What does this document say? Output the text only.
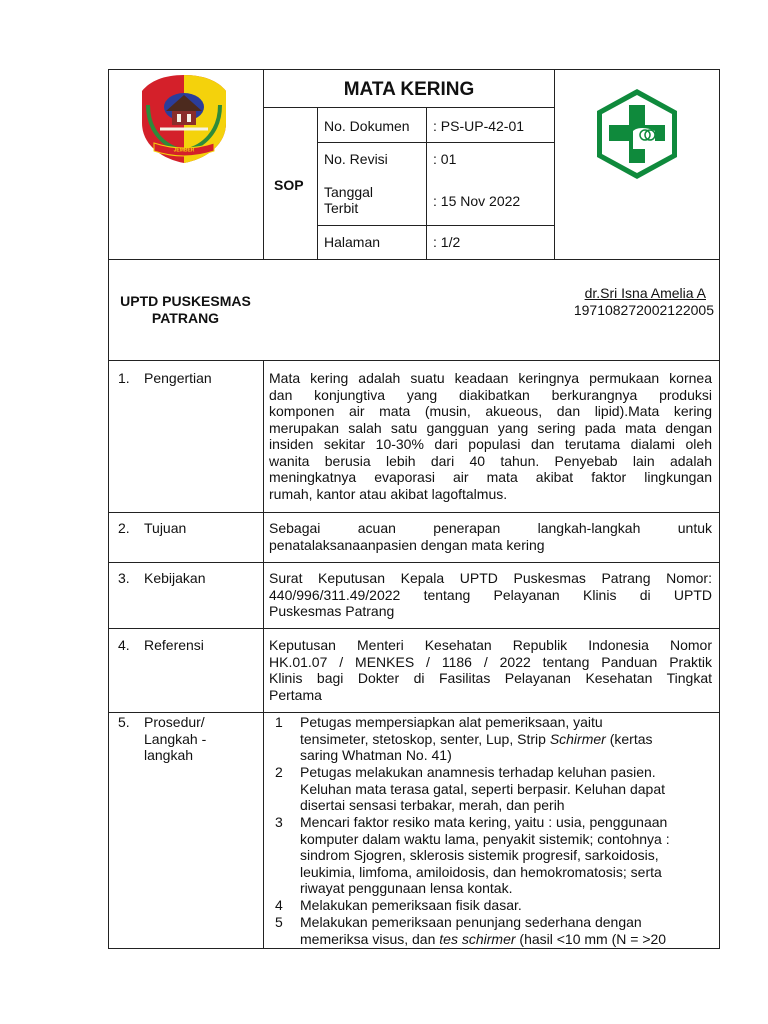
JEMBER
MATA KERING
SOP
No. Dokumen : PS-UP-42-01
No. Revisi	: 01
Tanggal
Terbit	: 15 Nov 2022
Halaman	: 1/2
UPTD PUSKESMAS
PATRANG
dr.Sri Isna Amelia A
197108272002122005
1. Pengertian	Mata kering adalah suatu keadaan keringnya permukaan kornea
dan konjungtiva yang diakibatkan berkurangnya produksi
komponen air mata (musin, akueous, dan lipid).Mata kering
merupakan salah satu gangguan yang sering pada mata dengan
insiden sekitar 10-30% dari populasi dan terutama dialami oleh
wanita berusia lebih dari 40 tahun. Penyebab lain adalah
meningkatnya evaporasi air mata akibat faktor lingkungan
rumah, kantor atau akibat lagoftalmus.
2. Tujuan	Sebagai acuan penerapan langkah-langkah untuk
penatalaksanaanpasien dengan mata kering
3. Kebijakan	Surat Keputusan Kepala UPTD Puskesmas Patrang Nomor:
440/996/311.49/2022 tentang Pelayanan Klinis di UPTD
Puskesmas Patrang
4. Referensi	Keputusan Menteri Kesehatan Republik Indonesia Nomor
HK.01.07 / MENKES / 1186 / 2022 tentang Panduan Praktik
Klinis bagi Dokter di Fasilitas Pelayanan Kesehatan Tingkat
Pertama
5. Prosedur/
Langkah -
langkah
1	Petugas mempersiapkan alat pemeriksaan, yaitu
tensimeter, stetoskop, senter, Lup, Strip Schirmer (kertas
saring Whatman No. 41)
2	Petugas melakukan anamnesis terhadap keluhan pasien.
Keluhan mata terasa gatal, seperti berpasir. Keluhan dapat
disertai sensasi terbakar, merah, dan perih
3	Mencari faktor resiko mata kering, yaitu : usia, penggunaan
komputer dalam waktu lama, penyakit sistemik; contohnya :
sindrom Sjogren, sklerosis sistemik progresif, sarkoidosis,
leukimia, limfoma, amiloidosis, dan hemokromatosis; serta
riwayat penggunaan lensa kontak.
4	Melakukan pemeriksaan fisik dasar.
5	Melakukan pemeriksaan penunjang sederhana dengan
memeriksa visus, dan tes schirmer (hasil <10 mm (N = >20
